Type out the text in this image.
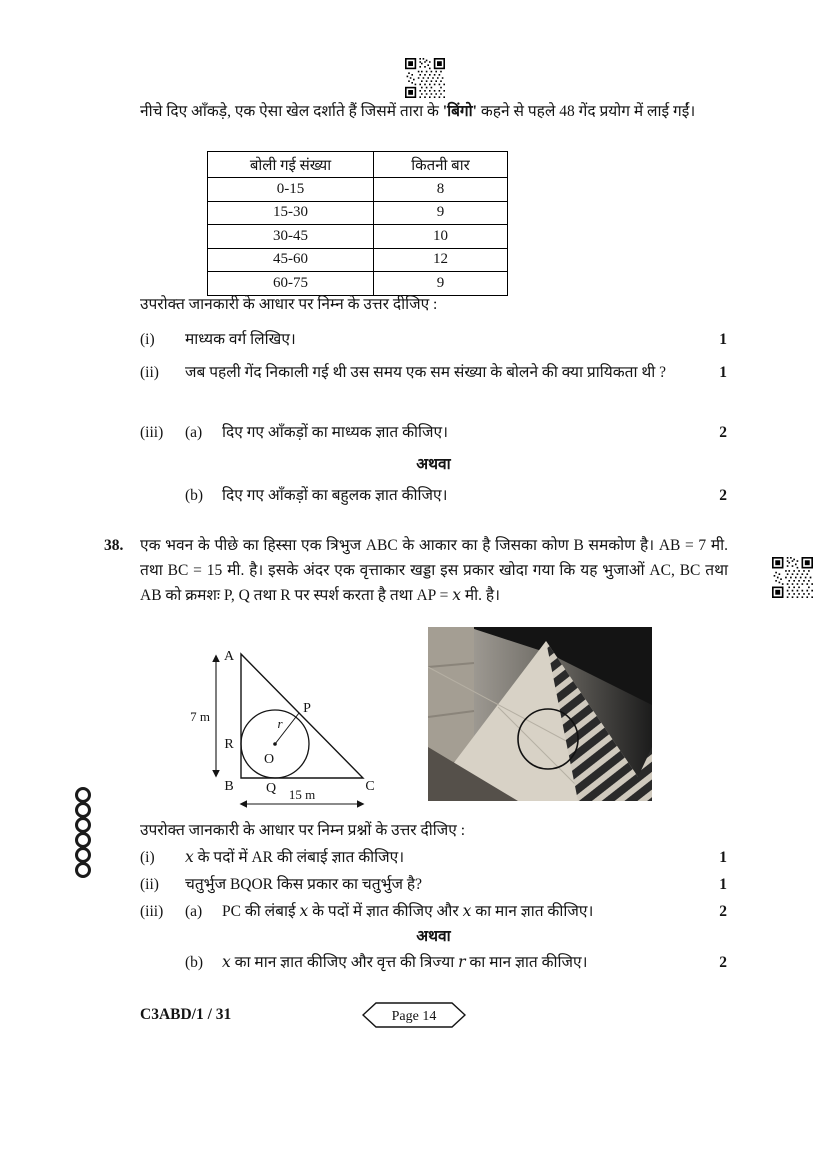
नीचे दिए आँकड़े, एक ऐसा खेल दर्शाते हैं जिसमें तारा के 'बिंगो' कहने से पहले 48 गेंद प्रयोग में लाई गईं।
बोली गई संख्या	कितनी बार
0-15	8
15-30	9
30-45	10
45-60	12
60-75	9
उपरोक्त जानकारी के आधार पर निम्न के उत्तर दीजिए :
(i)	माध्यक वर्ग लिखिए।	1
(ii)	जब पहली गेंद निकाली गई थी उस समय एक सम संख्या के बोलने की क्या प्रायिकता थी ?	1
(iii)	(a)	दिए गए आँकड़ों का माध्यक ज्ञात कीजिए।	2
अथवा
(b)	दिए गए आँकड़ों का बहुलक ज्ञात कीजिए।	2
38. एक भवन के पीछे का हिस्सा एक त्रिभुज ABC के आकार का है जिसका कोण B समकोण है। AB = 7 मी. तथा BC = 15 मी. है। इसके अंदर एक वृत्ताकार खड्डा इस प्रकार खोदा गया कि यह भुजाओं AC, BC तथा AB को क्रमशः P, Q तथा R पर स्पर्श करता है तथा AP = x मी. है।
A
B	C
R
Q
O
P
r
7 m
15 m
उपरोक्त जानकारी के आधार पर निम्न प्रश्नों के उत्तर दीजिए :
(i)	x के पदों में AR की लंबाई ज्ञात कीजिए।	1
(ii)	चतुर्भुज BQOR किस प्रकार का चतुर्भुज है?	1
(iii)	(a)	PC की लंबाई x के पदों में ज्ञात कीजिए और x का मान ज्ञात कीजिए।	2
अथवा
(b)	x का मान ज्ञात कीजिए और वृत्त की त्रिज्या r का मान ज्ञात कीजिए।	2
C3ABD/1 / 31	Page 14
